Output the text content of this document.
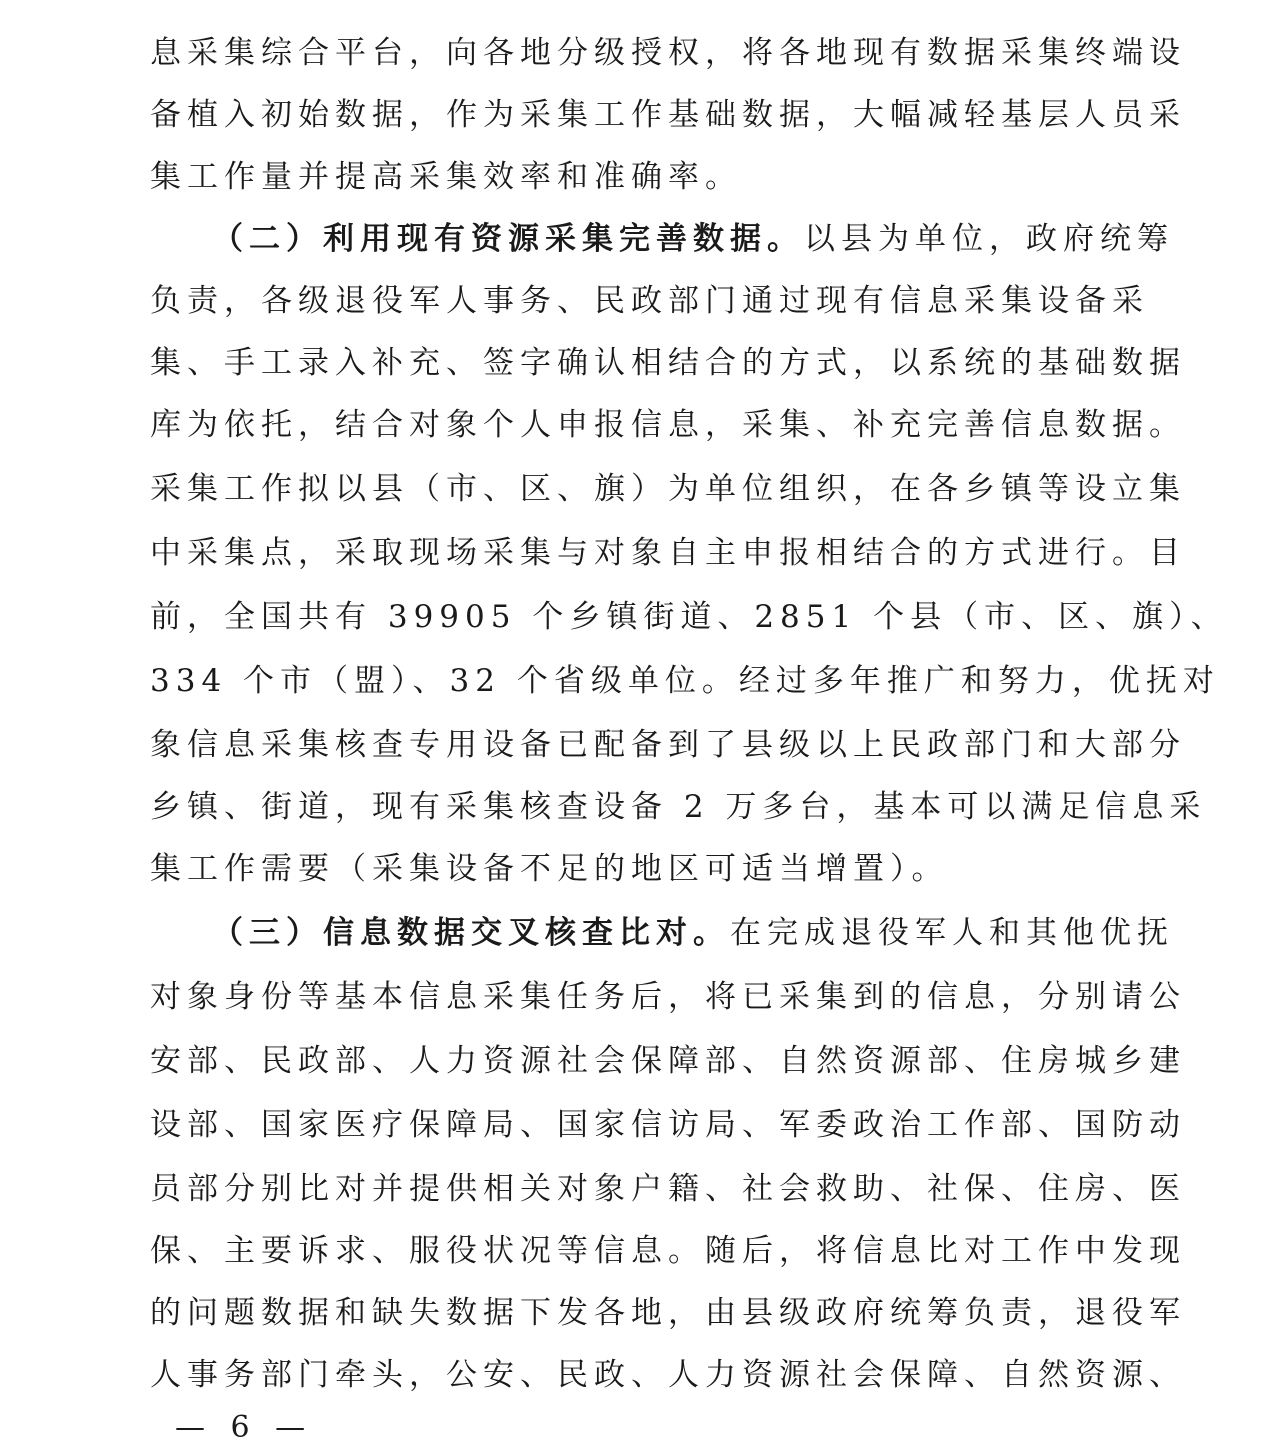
息采集综合平台，向各地分级授权，将各地现有数据采集终端设
备植入初始数据，作为采集工作基础数据，大幅减轻基层人员采
集工作量并提高采集效率和准确率。
（二）利用现有资源采集完善数据。以县为单位，政府统筹
负责，各级退役军人事务、民政部门通过现有信息采集设备采
集、手工录入补充、签字确认相结合的方式，以系统的基础数据
库为依托，结合对象个人申报信息，采集、补充完善信息数据。
采集工作拟以县（市、区、旗）为单位组织，在各乡镇等设立集
中采集点，采取现场采集与对象自主申报相结合的方式进行。目
前，全国共有 39905 个乡镇街道、2851 个县（市、区、旗）、
334 个市（盟）、32 个省级单位。经过多年推广和努力，优抚对
象信息采集核查专用设备已配备到了县级以上民政部门和大部分
乡镇、街道，现有采集核查设备 2 万多台，基本可以满足信息采
集工作需要（采集设备不足的地区可适当增置）。
（三）信息数据交叉核查比对。在完成退役军人和其他优抚
对象身份等基本信息采集任务后，将已采集到的信息，分别请公
安部、民政部、人力资源社会保障部、自然资源部、住房城乡建
设部、国家医疗保障局、国家信访局、军委政治工作部、国防动
员部分别比对并提供相关对象户籍、社会救助、社保、住房、医
保、主要诉求、服役状况等信息。随后，将信息比对工作中发现
的问题数据和缺失数据下发各地，由县级政府统筹负责，退役军
人事务部门牵头，公安、民政、人力资源社会保障、自然资源、
— 6 —
